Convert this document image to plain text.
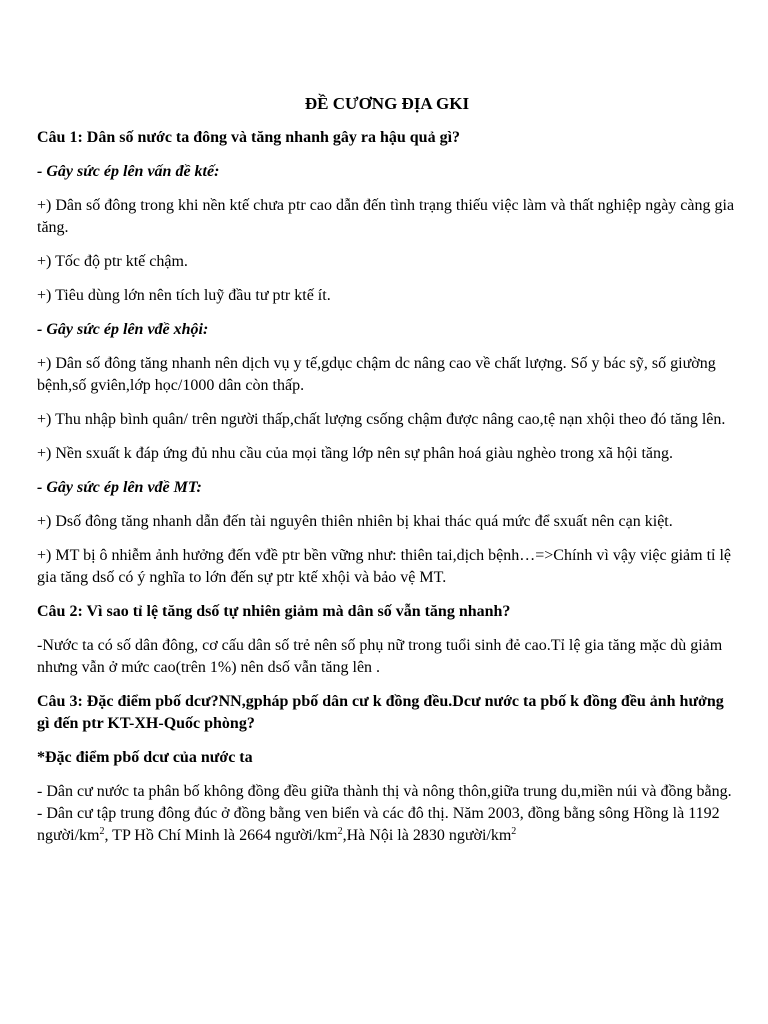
ĐỀ CƯƠNG ĐỊA GKI

Câu 1: Dân số nước ta đông và tăng nhanh gây ra hậu quả gì?

- Gây sức ép lên vấn đề ktế:

+) Dân số đông trong khi nền ktế chưa ptr cao dẫn đến tình trạng thiếu việc làm và thất nghiệp ngày càng gia tăng.

+) Tốc độ ptr ktế chậm.

+) Tiêu dùng lớn nên tích luỹ đầu tư ptr ktế ít.

- Gây sức ép lên vđề xhội:

+) Dân số đông tăng nhanh nên dịch vụ y tế,gdục chậm dc nâng cao về chất lượng. Số y bác sỹ, số giường bệnh,số gviên,lớp học/1000 dân còn thấp.

+) Thu nhập bình quân/ trên người thấp,chất lượng csống chậm được nâng cao,tệ nạn xhội theo đó tăng lên.

+) Nền sxuất k đáp ứng đủ nhu cầu của mọi tầng lớp nên sự phân hoá giàu nghèo trong xã hội tăng.

- Gây sức ép lên vđề MT:

+) Dsố đông tăng nhanh dẫn đến tài nguyên thiên nhiên bị khai thác quá mức để sxuất nên cạn kiệt.

+) MT bị ô nhiễm ảnh hưởng đến vđề ptr bền vững như: thiên tai,dịch bệnh…=>Chính vì vậy việc giảm tỉ lệ gia tăng dsố có ý nghĩa to lớn đến sự ptr ktế xhội và bảo vệ MT.

Câu 2: Vì sao tỉ lệ tăng dsố tự nhiên giảm mà dân số vẫn tăng nhanh?

-Nước ta có số dân đông, cơ cấu dân số trẻ nên số phụ nữ trong tuổi sinh đẻ cao.Tỉ lệ gia tăng mặc dù giảm nhưng vẫn ở mức cao(trên 1%) nên dsố vẫn tăng lên .

Câu 3: Đặc điểm pbố dcư?NN,gpháp pbố dân cư k đồng đều.Dcư nước ta pbố k đồng đều ảnh hưởng gì đến ptr KT-XH-Quốc phòng?

*Đặc điểm pbố dcư của nước ta

- Dân cư nước ta phân bố không đồng đều giữa thành thị và nông thôn,giữa trung du,miền núi và đồng bằng.

- Dân cư tập trung đông đúc ở đồng bằng ven biển và các đô thị. Năm 2003, đồng bằng sông Hồng là 1192 người/$km^2$, TP Hồ Chí Minh là 2664 người/$km^2,Hà$ Nội là 2830 người/$km^2$
